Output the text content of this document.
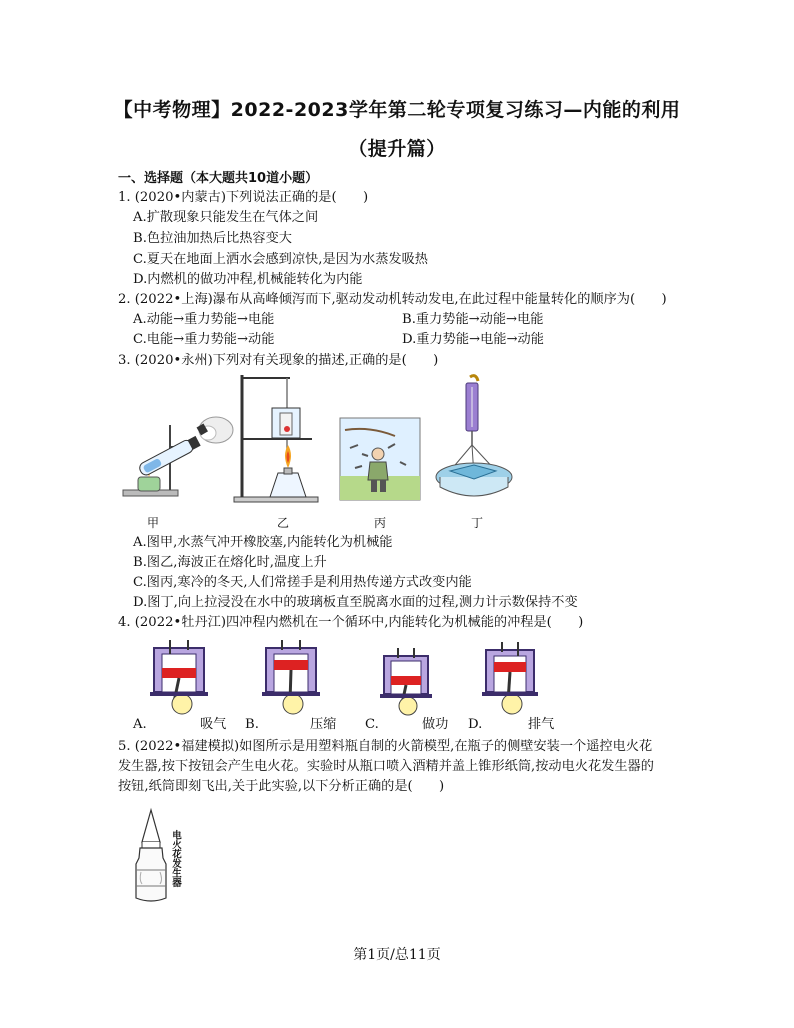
【中考物理】2022-2023学年第二轮专项复习练习—内能的利用
（提升篇）
一、选择题（本大题共10道小题）
1. (2020•内蒙古)下列说法正确的是(　　)
A.扩散现象只能发生在气体之间
B.色拉油加热后比热容变大
C.夏天在地面上洒水会感到凉快,是因为水蒸发吸热
D.内燃机的做功冲程,机械能转化为内能
2. (2022•上海)瀑布从高峰倾泻而下,驱动发动机转动发电,在此过程中能量转化的顺序为(　　)
A.动能→重力势能→电能	B.重力势能→动能→电能
C.电能→重力势能→动能	D.重力势能→电能→动能
3. (2020•永州)下列对有关现象的描述,正确的是(　　)
甲	乙	丙	丁
A.图甲,水蒸气冲开橡胶塞,内能转化为机械能
B.图乙,海波正在熔化时,温度上升
C.图丙,寒冷的冬天,人们常搓手是利用热传递方式改变内能
D.图丁,向上拉浸没在水中的玻璃板直至脱离水面的过程,测力计示数保持不变
4. (2022•牡丹江)四冲程内燃机在一个循环中,内能转化为机械能的冲程是(　　)
A.	吸气 B.	压缩 C.	做功 D.	排气
5. (2022•福建模拟)如图所示是用塑料瓶自制的火箭模型,在瓶子的侧壁安装一个遥控电火花
发生器,按下按钮会产生电火花。实验时从瓶口喷入酒精并盖上锥形纸筒,按动电火花发生器的
按钮,纸筒即刻飞出,关于此实验,以下分析正确的是(　　)
电火花发生器
第1页/总11页
